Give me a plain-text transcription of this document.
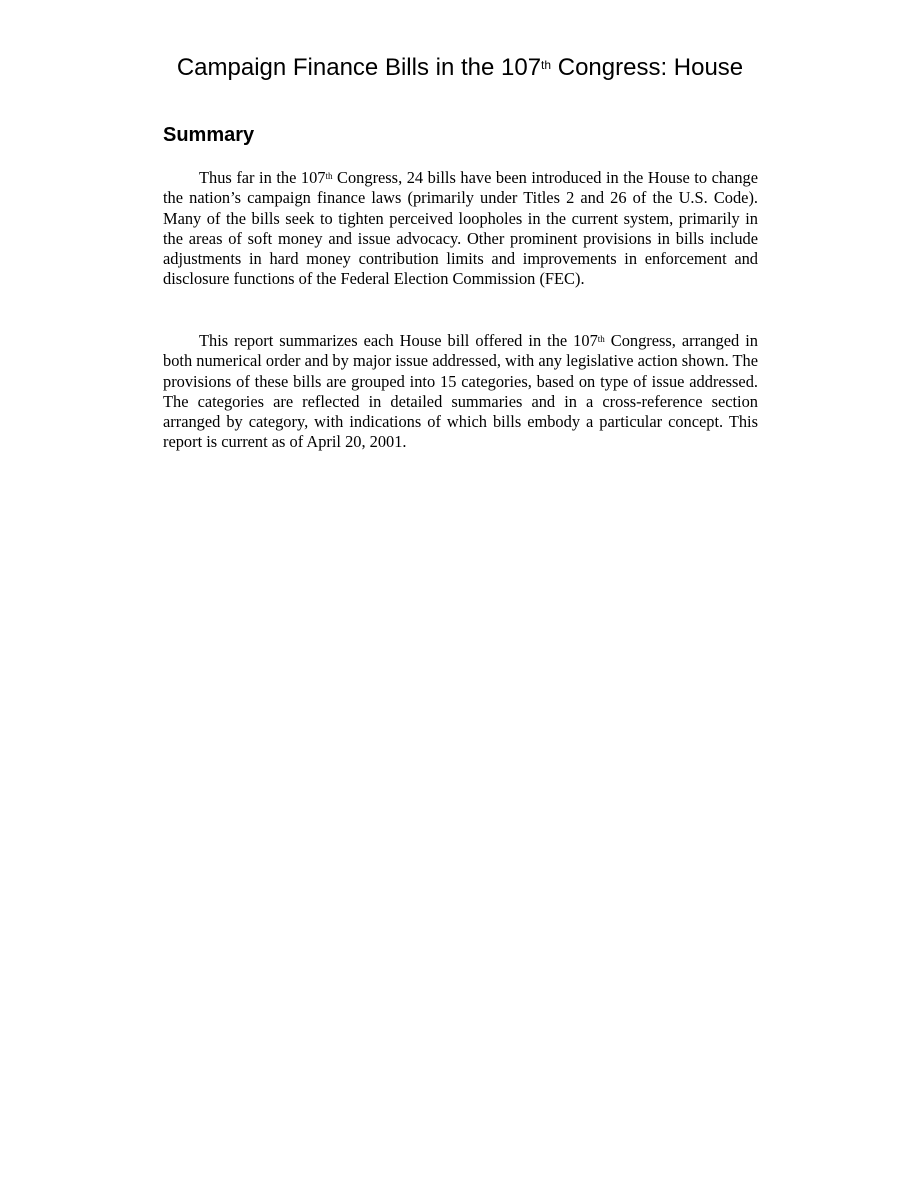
Campaign Finance Bills in the 107th Congress: House
Summary

Thus far in the 107th Congress, 24 bills have been introduced in the House to change the nation’s campaign finance laws (primarily under Titles 2 and 26 of the U.S. Code). Many of the bills seek to tighten perceived loopholes in the current system, primarily in the areas of soft money and issue advocacy. Other prominent provisions in bills include adjustments in hard money contribution limits and improvements in enforcement and disclosure functions of the Federal Election Commission (FEC).

This report summarizes each House bill offered in the 107th Congress, arranged in both numerical order and by major issue addressed, with any legislative action shown. The provisions of these bills are grouped into 15 categories, based on type of issue addressed. The categories are reflected in detailed summaries and in a cross-reference section arranged by category, with indications of which bills embody a particular concept. This report is current as of April 20, 2001.
